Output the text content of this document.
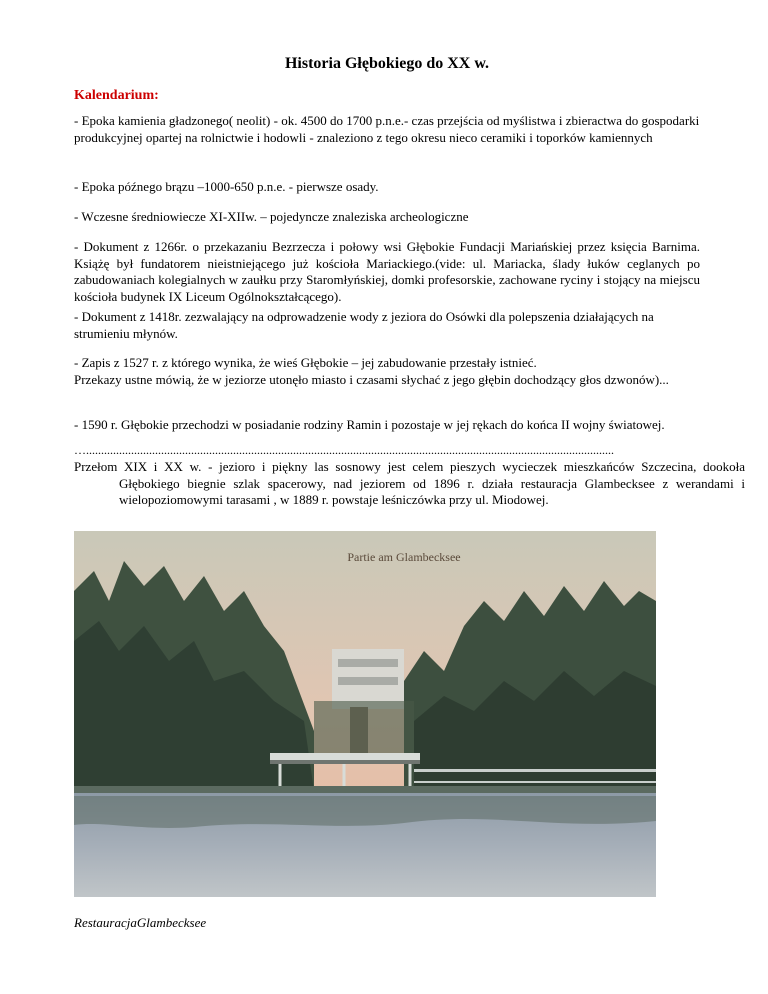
Historia Głębokiego do XX w.
Kalendarium:

- Epoka kamienia gładzonego( neolit) - ok. 4500 do 1700 p.n.e.- czas przejścia od myślistwa i zbieractwa do gospodarki produkcyjnej opartej na rolnictwie i hodowli - znaleziono z tego okresu nieco ceramiki i toporków kamiennych

- Epoka późnego brązu –1000-650 p.n.e. - pierwsze osady.

- Wczesne średniowiecze XI-XIIw. – pojedyncze znaleziska archeologiczne

- Dokument z 1266r. o przekazaniu Bezrzecza i połowy wsi Głębokie Fundacji Mariańskiej przez księcia Barnima. Książę był fundatorem nieistniejącego już kościoła Mariackiego.(vide: ul. Mariacka, ślady łuków ceglanych po zabudowaniach kolegialnych w zaułku przy Staromłyńskiej, domki profesorskie, zachowane ryciny i stojący na miejscu kościoła budynek IX Liceum Ogólnokształcącego).

- Dokument z 1418r. zezwalający na odprowadzenie wody z jeziora do Osówki dla polepszenia działających na strumieniu młynów.

- Zapis z 1527 r. z którego wynika, że wieś Głębokie – jej zabudowanie przestały istnieć.
Przekazy ustne mówią, że w jeziorze utonęło miasto i czasami słychać z jego głębin dochodzący głos dzwonów)...

- 1590 r. Głębokie przechodzi w posiadanie rodziny Ramin i pozostaje w jej rękach do końca II wojny światowej.

…................................................................................................................................................................................

Przełom XIX i XX w. - jezioro i piękny las sosnowy jest celem pieszych wycieczek mieszkańców Szczecina, dookoła Głębokiego biegnie szlak spacerowy, nad jeziorem od 1896 r. działa restauracja Glambecksee z werandami i wielopoziomowymi tarasami , w 1889 r. powstaje leśniczówka przy ul. Miodowej.

Partie am Glambecksee
RestauracjaGlambecksee
